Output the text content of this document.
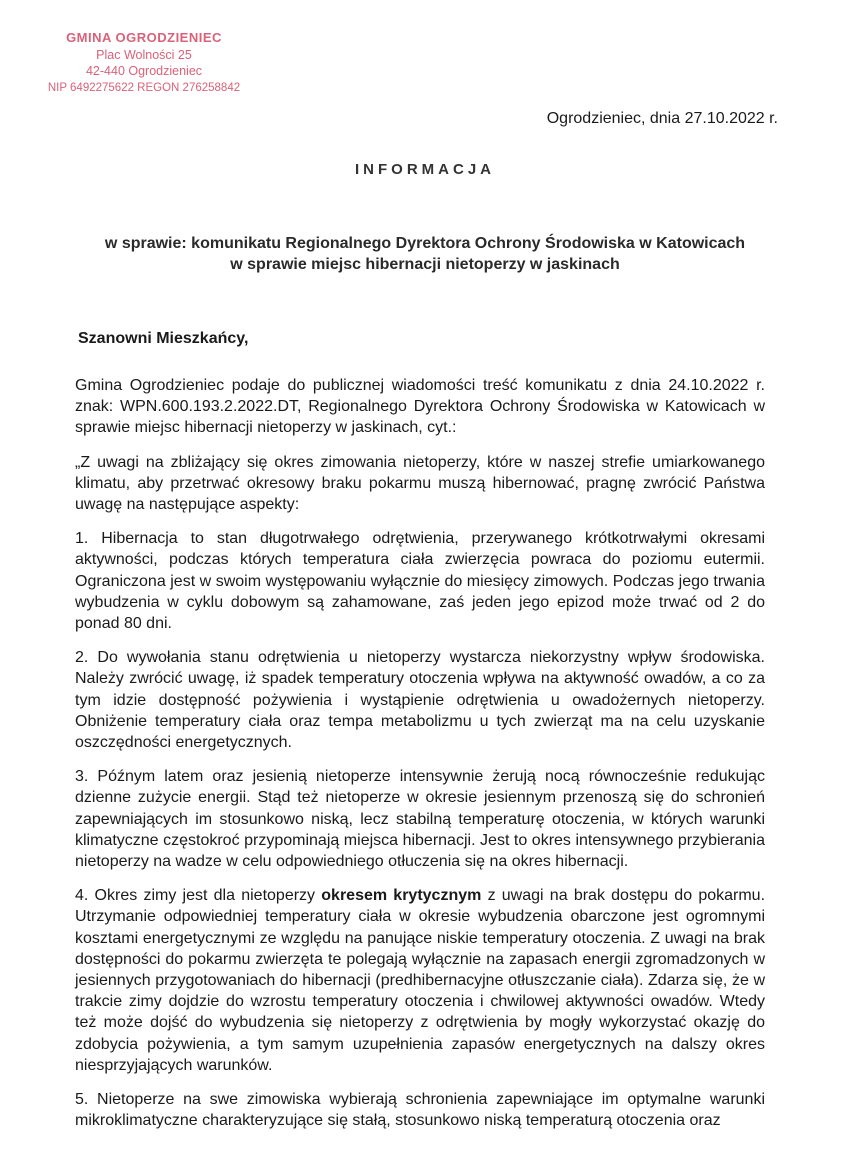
GMINA OGRODZIENIEC
Plac Wolności 25
42-440 Ogrodzieniec
NIP 6492275622 REGON 276258842
Ogrodzieniec, dnia 27.10.2022 r.
INFORMACJA
w sprawie: komunikatu Regionalnego Dyrektora Ochrony Środowiska w Katowicach
w sprawie miejsc hibernacji nietoperzy w jaskinach
Szanowni Mieszkańcy,

Gmina Ogrodzieniec podaje do publicznej wiadomości treść komunikatu z dnia 24.10.2022 r. znak: WPN.600.193.2.2022.DT, Regionalnego Dyrektora Ochrony Środowiska w Katowicach w sprawie miejsc hibernacji nietoperzy w jaskinach, cyt.:

„Z uwagi na zbliżający się okres zimowania nietoperzy, które w naszej strefie umiarkowanego klimatu, aby przetrwać okresowy braku pokarmu muszą hibernować, pragnę zwrócić Państwa uwagę na następujące aspekty:

1. Hibernacja to stan długotrwałego odrętwienia, przerywanego krótkotrwałymi okresami aktywności, podczas których temperatura ciała zwierzęcia powraca do poziomu eutermii. Ograniczona jest w swoim występowaniu wyłącznie do miesięcy zimowych. Podczas jego trwania wybudzenia w cyklu dobowym są zahamowane, zaś jeden jego epizod może trwać od 2 do ponad 80 dni.

2. Do wywołania stanu odrętwienia u nietoperzy wystarcza niekorzystny wpływ środowiska. Należy zwrócić uwagę, iż spadek temperatury otoczenia wpływa na aktywność owadów, a co za tym idzie dostępność pożywienia i wystąpienie odrętwienia u owadożernych nietoperzy. Obniżenie temperatury ciała oraz tempa metabolizmu u tych zwierząt ma na celu uzyskanie oszczędności energetycznych.

3. Późnym latem oraz jesienią nietoperze intensywnie żerują nocą równocześnie redukując dzienne zużycie energii. Stąd też nietoperze w okresie jesiennym przenoszą się do schronień zapewniających im stosunkowo niską, lecz stabilną temperaturę otoczenia, w których warunki klimatyczne częstokroć przypominają miejsca hibernacji. Jest to okres intensywnego przybierania nietoperzy na wadze w celu odpowiedniego otłuczenia się na okres hibernacji.

4. Okres zimy jest dla nietoperzy okresem krytycznym z uwagi na brak dostępu do pokarmu. Utrzymanie odpowiedniej temperatury ciała w okresie wybudzenia obarczone jest ogromnymi kosztami energetycznymi ze względu na panujące niskie temperatury otoczenia. Z uwagi na brak dostępności do pokarmu zwierzęta te polegają wyłącznie na zapasach energii zgromadzonych w jesiennych przygotowaniach do hibernacji (predhibernacyjne otłuszczanie ciała). Zdarza się, że w trakcie zimy dojdzie do wzrostu temperatury otoczenia i chwilowej aktywności owadów. Wtedy też może dojść do wybudzenia się nietoperzy z odrętwienia by mogły wykorzystać okazję do zdobycia pożywienia, a tym samym uzupełnienia zapasów energetycznych na dalszy okres niesprzyjających warunków.

5. Nietoperze na swe zimowiska wybierają schronienia zapewniające im optymalne warunki mikroklimatyczne charakteryzujące się stałą, stosunkowo niską temperaturą otoczenia oraz
